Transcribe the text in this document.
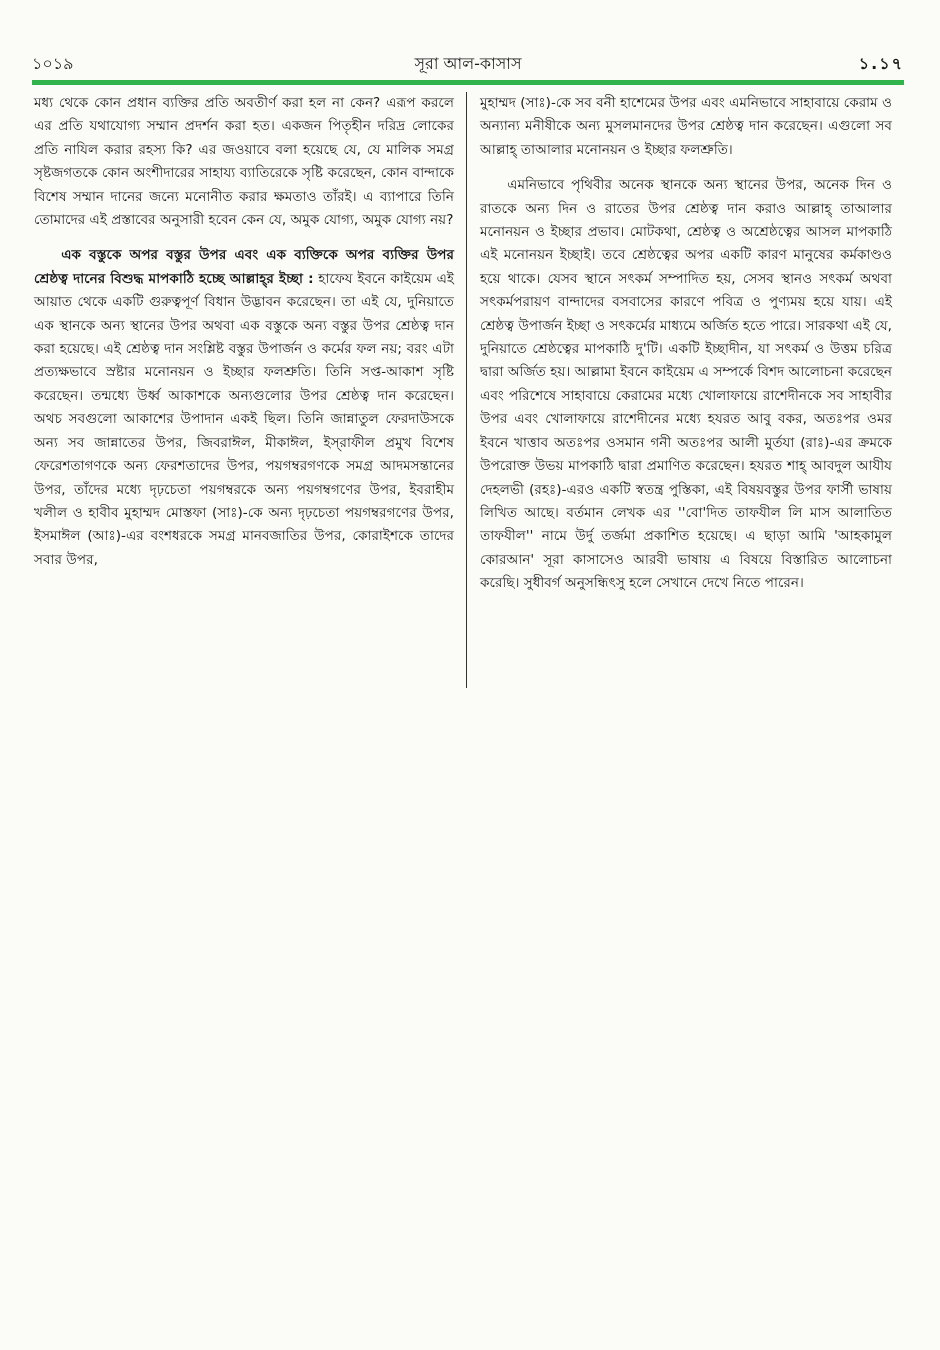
১০১৯	সূরা আল-কাসাস	১.১৭

মধ্য থেকে কোন প্রধান ব্যক্তির প্রতি অবতীর্ণ করা হল না কেন? এরূপ করলে এর প্রতি যথাযোগ্য সম্মান প্রদর্শন করা হত। একজন পিতৃহীন দরিদ্র লোকের প্রতি নাযিল করার রহস্য কি? এর জওয়াবে বলা হয়েছে যে, যে মালিক সমগ্র সৃষ্টজগতকে কোন অংশীদারের সাহায্য ব্যাতিরেকে সৃষ্টি করেছেন, কোন বান্দাকে বিশেষ সম্মান দানের জন্যে মনোনীত করার ক্ষমতাও তাঁরই। এ ব্যাপারে তিনি তোমাদের এই প্রস্তাবের অনুসারী হবেন কেন যে, অমুক যোগ্য, অমুক যোগ্য নয়?

এক বস্তুকে অপর বস্তুর উপর এবং এক ব্যক্তিকে অপর ব্যক্তির উপর শ্রেষ্ঠত্ব দানের বিশুদ্ধ মাপকাঠি হচ্ছে আল্লাহ্‌র ইচ্ছা : হাফেয ইবনে কাইয়েম এই আয়াত থেকে একটি গুরুত্বপূর্ণ বিধান উদ্ভাবন করেছেন। তা এই যে, দুনিয়াতে এক স্থানকে অন্য স্থানের উপর অথবা এক বস্তুকে অন্য বস্তুর উপর শ্রেষ্ঠত্ব দান করা হয়েছে। এই শ্রেষ্ঠত্ব দান সংশ্লিষ্ট বস্তুর উপার্জন ও কর্মের ফল নয়; বরং এটা প্রত্যক্ষভাবে স্রষ্টার মনোনয়ন ও ইচ্ছার ফলশ্রুতি। তিনি সপ্ত-আকাশ সৃষ্টি করেছেন। তন্মধ্যে উর্ধ্ব আকাশকে অন্যগুলোর উপর শ্রেষ্ঠত্ব দান করেছেন। অথচ সবগুলো আকাশের উপাদান একই ছিল। তিনি জান্নাতুল ফেরদাউসকে অন্য সব জান্নাতের উপর, জিবরাঈল, মীকাঈল, ইস্‌রাফীল প্রমুখ বিশেষ ফেরেশতাগণকে অন্য ফেরশতাদের উপর, পয়গম্বরগণকে সমগ্র আদমসন্তানের উপর, তাঁদের মধ্যে দৃঢ়চেতা পয়গম্বরকে অন্য পয়গম্বগণের উপর, ইবরাহীম খলীল ও হাবীব মুহাম্মদ মোস্তফা (সাঃ)-কে অন্য দৃঢ়চেতা পয়গম্বরগণের উপর, ইসমাঈল (আঃ)-এর বংশধরকে সমগ্র মানবজাতির উপর, কোরাইশকে তাদের সবার উপর,

মুহাম্মদ (সাঃ)-কে সব বনী হাশেমের উপর এবং এমনিভাবে সাহাবায়ে কেরাম ও অন্যান্য মনীষীকে অন্য মুসলমানদের উপর শ্রেষ্ঠত্ব দান করেছেন। এগুলো সব আল্লাহ্‌ তাআলার মনোনয়ন ও ইচ্ছার ফলশ্রুতি।

এমনিভাবে পৃথিবীর অনেক স্থানকে অন্য স্থানের উপর, অনেক দিন ও রাতকে অন্য দিন ও রাতের উপর শ্রেষ্ঠত্ব দান করাও আল্লাহ্‌ তাআলার মনোনয়ন ও ইচ্ছার প্রভাব। মোটকথা, শ্রেষ্ঠত্ব ও অশ্রেষ্ঠত্বের আসল মাপকাঠি এই মনোনয়ন ইচ্ছাই। তবে শ্রেষ্ঠত্বের অপর একটি কারণ মানুষের কর্মকাণ্ডও হয়ে থাকে। যেসব স্থানে সৎকর্ম সম্পাদিত হয়, সেসব স্থানও সৎকর্ম অথবা সৎকর্মপরায়ণ বান্দাদের বসবাসের কারণে পবিত্র ও পুণ্যময় হয়ে যায়। এই শ্রেষ্ঠত্ব উপার্জন ইচ্ছা ও সৎকর্মের মাধ্যমে অর্জিত হতে পারে। সারকথা এই যে, দুনিয়াতে শ্রেষ্ঠত্বের মাপকাঠি দু'টি। একটি ইচ্ছাদীন, যা সৎকর্ম ও উত্তম চরিত্র দ্বারা অর্জিত হয়। আল্লামা ইবনে কাইয়েম এ সম্পর্কে বিশদ আলোচনা করেছেন এবং পরিশেষে সাহাবায়ে কেরামের মধ্যে খোলাফায়ে রাশেদীনকে সব সাহাবীর উপর এবং খোলাফায়ে রাশেদীনের মধ্যে হযরত আবু বকর, অতঃপর ওমর ইবনে খাত্তাব অতঃপর ওসমান গনী অতঃপর আলী মুর্তযা (রাঃ)-এর ক্রমকে উপরোক্ত উভয় মাপকাঠি দ্বারা প্রমাণিত করেছেন। হযরত শাহ্‌ আবদুল আযীয দেহলভী (রহঃ)-এরও একটি স্বতন্ত্র পুস্তিকা, এই বিষয়বস্তুর উপর ফার্সী ভাষায় লিখিত আছে। বর্তমান লেখক এর ''বো'দিত তাফযীল লি মাস আলাতিত তাফযীল'' নামে উর্দু তর্জমা প্রকাশিত হয়েছে। এ ছাড়া আমি 'আহকামুল কোরআন' সূরা কাসাসেও আরবী ভাষায় এ বিষয়ে বিস্তারিত আলোচনা করেছি। সুধীবর্গ অনুসন্ধিৎসু হলে সেখানে দেখে নিতে পারেন।
